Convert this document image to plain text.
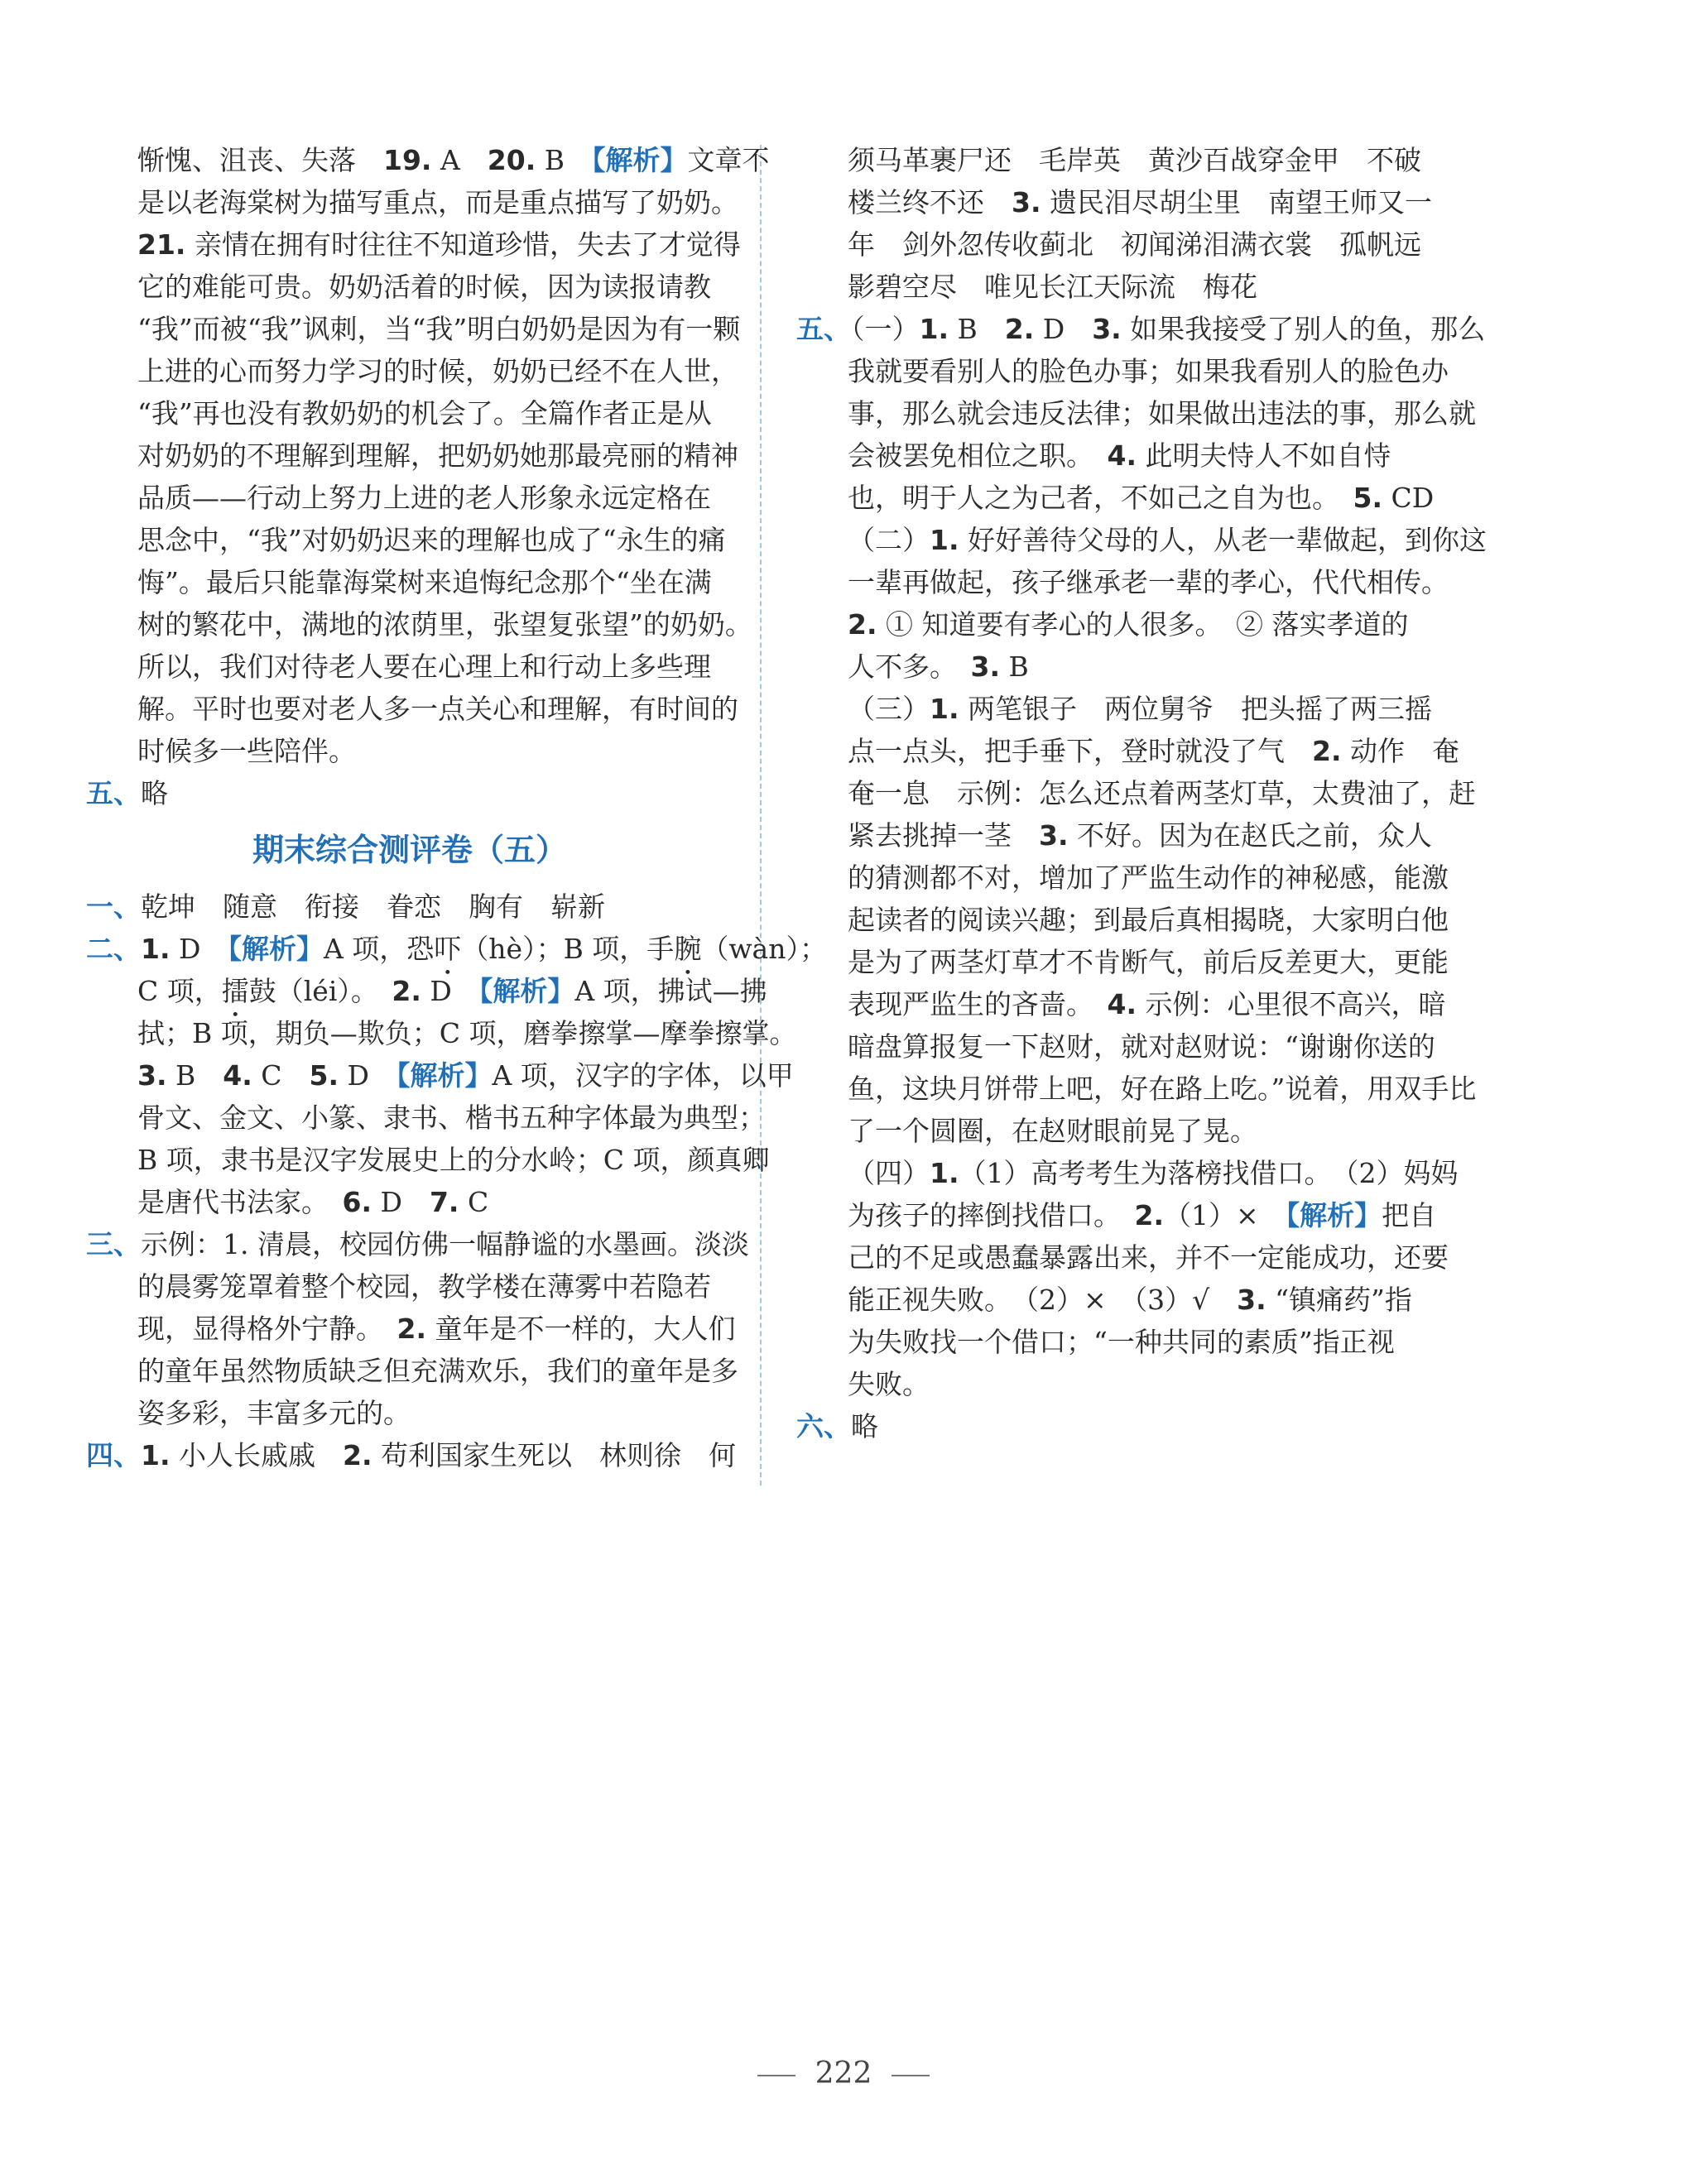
惭愧、沮丧、失落　19. A　20. B　【解析】文章不
是以老海棠树为描写重点，而是重点描写了奶奶。
21. 亲情在拥有时往往不知道珍惜，失去了才觉得
它的难能可贵。奶奶活着的时候，因为读报请教
“我”而被“我”讽刺，当“我”明白奶奶是因为有一颗
上进的心而努力学习的时候，奶奶已经不在人世，
“我”再也没有教奶奶的机会了。全篇作者正是从
对奶奶的不理解到理解，把奶奶她那最亮丽的精神
品质——行动上努力上进的老人形象永远定格在
思念中，“我”对奶奶迟来的理解也成了“永生的痛
悔”。最后只能靠海棠树来追悔纪念那个“坐在满
树的繁花中，满地的浓荫里，张望复张望”的奶奶。
所以，我们对待老人要在心理上和行动上多些理
解。平时也要对老人多一点关心和理解，有时间的
时候多一些陪伴。
五、略
期末综合测评卷（五）
一、乾坤　随意　衔接　眷恋　胸有　崭新
二、1. D　【解析】A 项，恐吓（hè）；B 项，手腕（wàn）；
C 项，擂鼓（léi）。　2. D　【解析】A 项，拂试—拂
拭；B 项，期负—欺负；C 项，磨拳擦掌—摩拳擦掌。
3. B　4. C　5. D　【解析】A 项，汉字的字体，以甲
骨文、金文、小篆、隶书、楷书五种字体最为典型；
B 项，隶书是汉字发展史上的分水岭；C 项，颜真卿
是唐代书法家。　6. D　7. C
三、示例：1. 清晨，校园仿佛一幅静谧的水墨画。淡淡
的晨雾笼罩着整个校园，教学楼在薄雾中若隐若
现，显得格外宁静。　2. 童年是不一样的，大人们
的童年虽然物质缺乏但充满欢乐，我们的童年是多
姿多彩，丰富多元的。
四、1. 小人长戚戚　2. 苟利国家生死以　林则徐　何
须马革裹尸还　毛岸英　黄沙百战穿金甲　不破
楼兰终不还　3. 遗民泪尽胡尘里　南望王师又一
年　剑外忽传收蓟北　初闻涕泪满衣裳　孤帆远
影碧空尽　唯见长江天际流　梅花
五、（一）1. B　2. D　3. 如果我接受了别人的鱼，那么
我就要看别人的脸色办事；如果我看别人的脸色办
事，那么就会违反法律；如果做出违法的事，那么就
会被罢免相位之职。　4. 此明夫恃人不如自恃
也，明于人之为己者，不如己之自为也。　5. CD
（二）1. 好好善待父母的人，从老一辈做起，到你这
一辈再做起，孩子继承老一辈的孝心，代代相传。
2. ① 知道要有孝心的人很多。　② 落实孝道的
人不多。　3. B
（三）1. 两笔银子　两位舅爷　把头摇了两三摇
点一点头，把手垂下，登时就没了气　2. 动作　奄
奄一息　示例：怎么还点着两茎灯草，太费油了，赶
紧去挑掉一茎　3. 不好。因为在赵氏之前，众人
的猜测都不对，增加了严监生动作的神秘感，能激
起读者的阅读兴趣；到最后真相揭晓，大家明白他
是为了两茎灯草才不肯断气，前后反差更大，更能
表现严监生的吝啬。　4. 示例：心里很不高兴，暗
暗盘算报复一下赵财，就对赵财说：“谢谢你送的
鱼，这块月饼带上吧，好在路上吃。”说着，用双手比
了一个圆圈，在赵财眼前晃了晃。
（四）1.（1）高考考生为落榜找借口。　（2）妈妈
为孩子的摔倒找借口。　2.（1）×　【解析】把自
己的不足或愚蠢暴露出来，并不一定能成功，还要
能正视失败。　（2）×　（3）√　3. “镇痛药”指
为失败找一个借口；“一种共同的素质”指正视
失败。
六、略
222
